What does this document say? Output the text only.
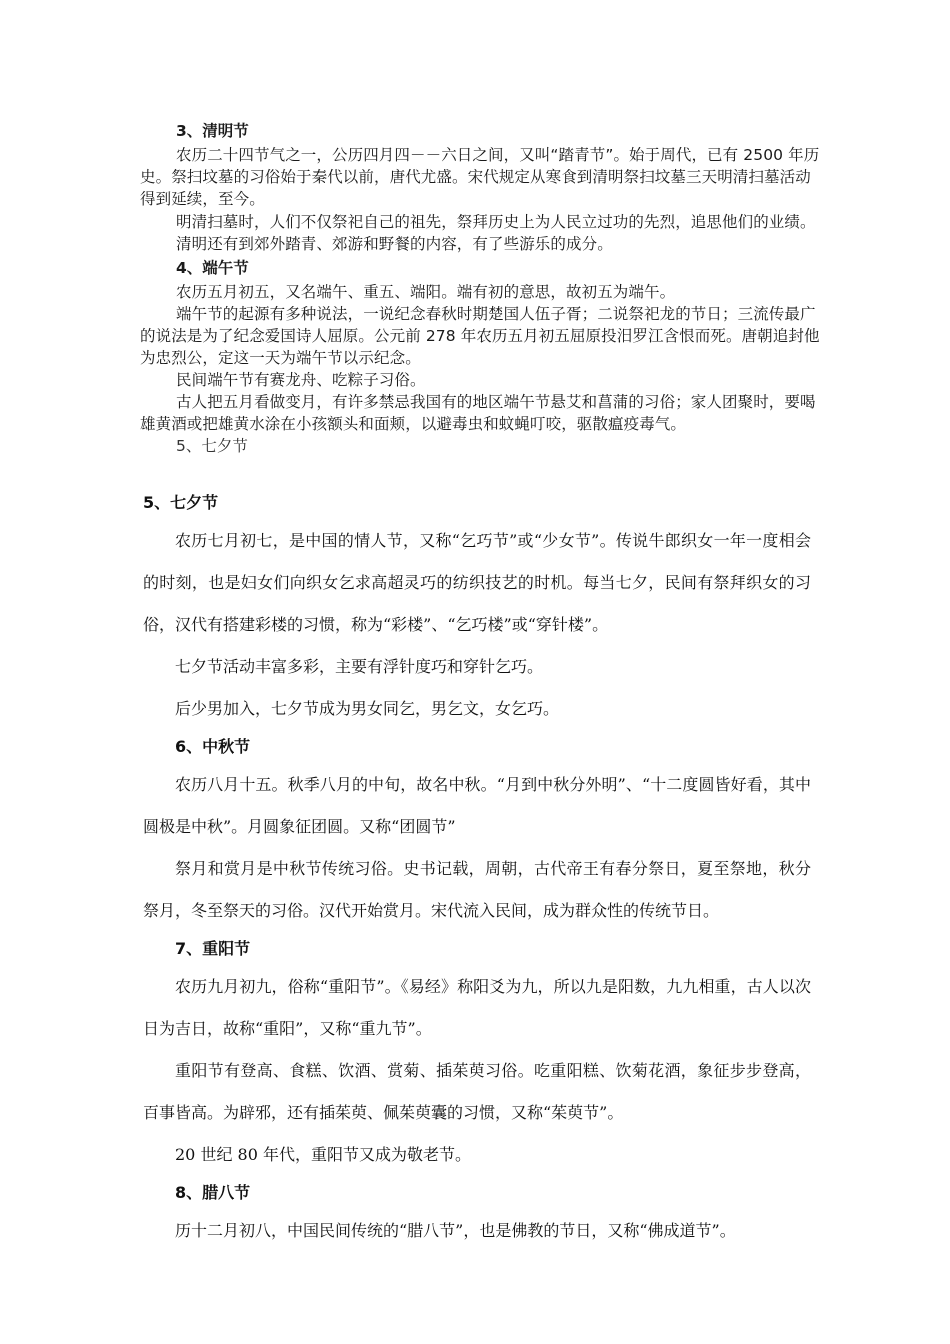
3、清明节
农历二十四节气之一，公历四月四－－六日之间，又叫“踏青节”。始于周代，已有 2500 年历史。祭扫坟墓的习俗始于秦代以前，唐代尤盛。宋代规定从寒食到清明祭扫坟墓三天明清扫墓活动得到延续，至今。
明清扫墓时，人们不仅祭祀自己的祖先，祭拜历史上为人民立过功的先烈，追思他们的业绩。
清明还有到郊外踏青、郊游和野餐的内容，有了些游乐的成分。
4、端午节
农历五月初五，又名端午、重五、端阳。端有初的意思，故初五为端午。
端午节的起源有多种说法，一说纪念春秋时期楚国人伍子胥；二说祭祀龙的节日；三流传最广的说法是为了纪念爱国诗人屈原。公元前 278 年农历五月初五屈原投汨罗江含恨而死。唐朝追封他为忠烈公，定这一天为端午节以示纪念。
民间端午节有赛龙舟、吃粽子习俗。
古人把五月看做变月，有许多禁忌我国有的地区端午节悬艾和菖蒲的习俗；家人团聚时，要喝雄黄酒或把雄黄水涂在小孩额头和面颊，以避毒虫和蚊蝇叮咬，驱散瘟疫毒气。
5、七夕节
5、七夕节
农历七月初七，是中国的情人节，又称“乞巧节”或“少女节”。传说牛郎织女一年一度相会的时刻，也是妇女们向织女乞求高超灵巧的纺织技艺的时机。每当七夕，民间有祭拜织女的习俗，汉代有搭建彩楼的习惯，称为“彩楼”、“乞巧楼”或“穿针楼”。
七夕节活动丰富多彩，主要有浮针度巧和穿针乞巧。
后少男加入，七夕节成为男女同乞，男乞文，女乞巧。
6、中秋节
农历八月十五。秋季八月的中旬，故名中秋。“月到中秋分外明”、“十二度圆皆好看，其中圆极是中秋”。月圆象征团圆。又称“团圆节”
祭月和赏月是中秋节传统习俗。史书记载，周朝，古代帝王有春分祭日，夏至祭地，秋分祭月，冬至祭天的习俗。汉代开始赏月。宋代流入民间，成为群众性的传统节日。
7、重阳节
农历九月初九，俗称“重阳节”。《易经》称阳爻为九，所以九是阳数，九九相重，古人以次日为吉日，故称“重阳”，又称“重九节”。
重阳节有登高、食糕、饮酒、赏菊、插茱萸习俗。吃重阳糕、饮菊花酒，象征步步登高，百事皆高。为辟邪，还有插茱萸、佩茱萸囊的习惯，又称“茱萸节”。
20 世纪 80 年代，重阳节又成为敬老节。
8、腊八节
历十二月初八，中国民间传统的“腊八节”，也是佛教的节日，又称“佛成道节”。
